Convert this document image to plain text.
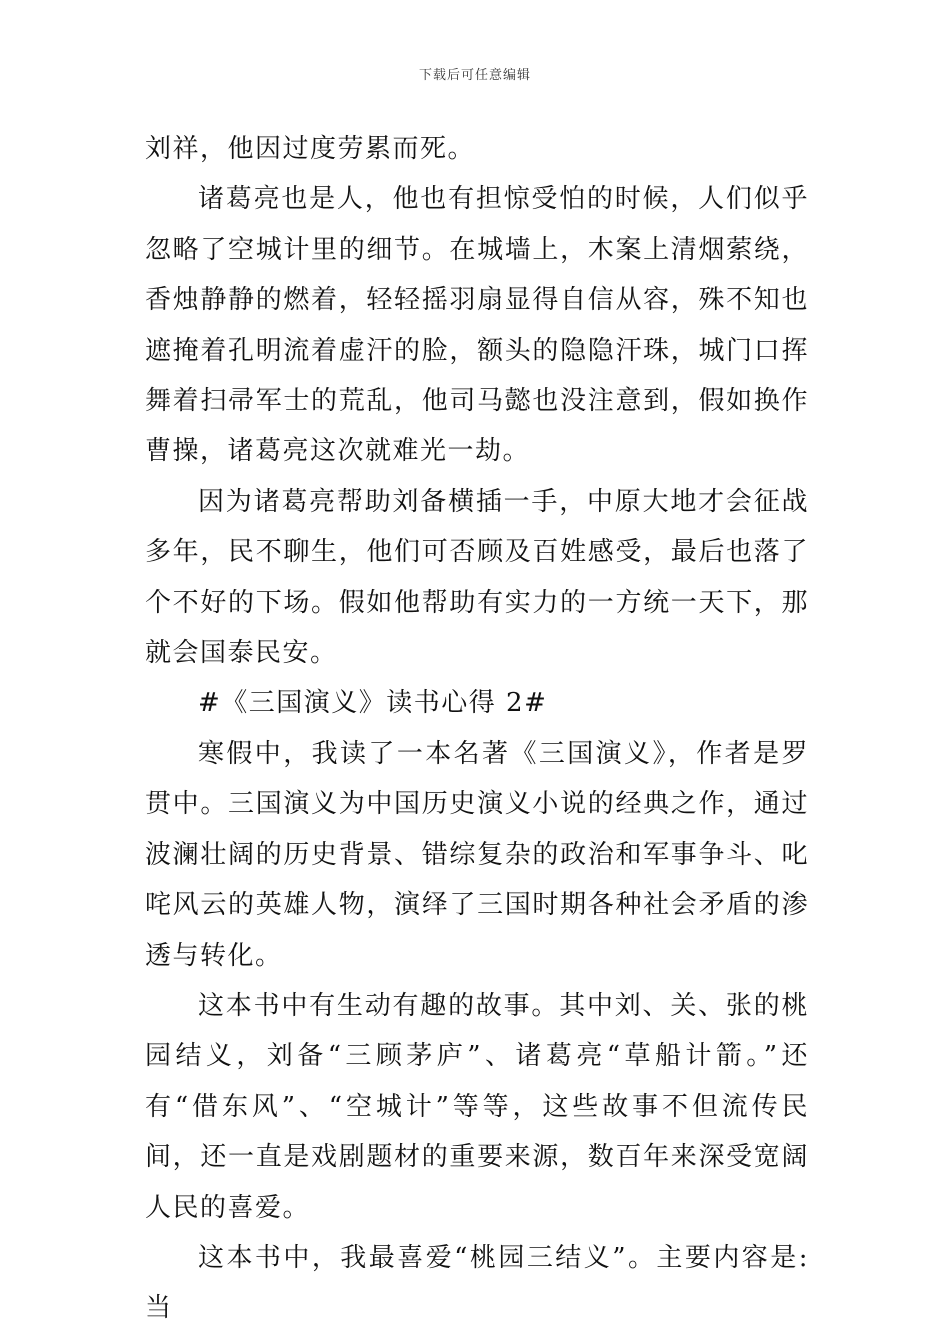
下载后可任意编辑

刘祥，他因过度劳累而死。

诸葛亮也是人，他也有担惊受怕的时候，人们似乎忽略了空城计里的细节。在城墙上，木案上清烟萦绕，香烛静静的燃着，轻轻摇羽扇显得自信从容，殊不知也遮掩着孔明流着虚汗的脸，额头的隐隐汗珠，城门口挥舞着扫帚军士的荒乱，他司马懿也没注意到，假如换作曹操，诸葛亮这次就难光一劫。

因为诸葛亮帮助刘备横插一手，中原大地才会征战多年，民不聊生，他们可否顾及百姓感受，最后也落了个不好的下场。假如他帮助有实力的一方统一天下，那就会国泰民安。

#《三国演义》读书心得 2#

寒假中，我读了一本名著《三国演义》，作者是罗贯中。三国演义为中国历史演义小说的经典之作，通过波澜壮阔的历史背景、错综复杂的政治和军事争斗、叱咤风云的英雄人物，演绎了三国时期各种社会矛盾的渗透与转化。

这本书中有生动有趣的故事。其中刘、关、张的桃园结义，刘备“三顾茅庐”、诸葛亮“草船计箭。”还有“借东风”、“空城计”等等，这些故事不但流传民间，还一直是戏剧题材的重要来源，数百年来深受宽阔人民的喜爱。

这本书中，我最喜爱“桃园三结义”。主要内容是:当
